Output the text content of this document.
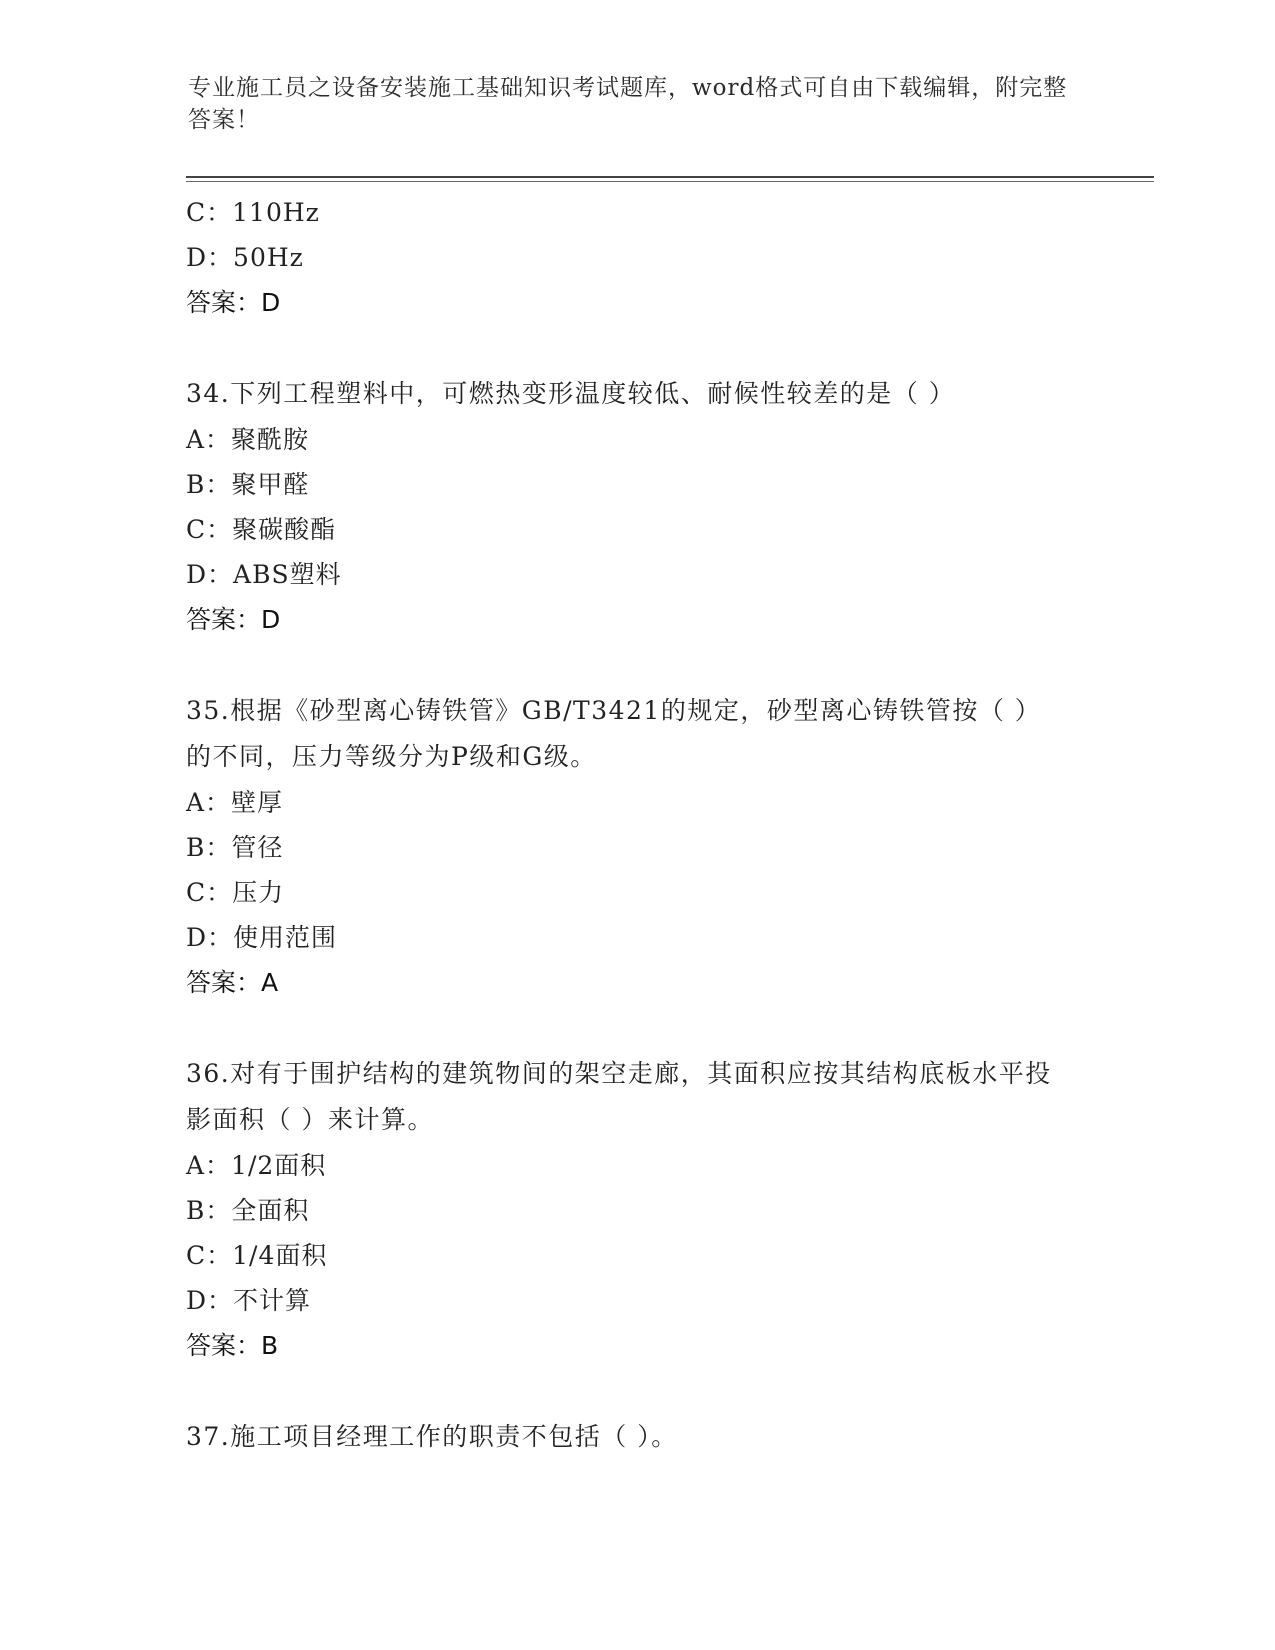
专业施工员之设备安装施工基础知识考试题库，word格式可自由下载编辑，附完整答案！
C：110Hz
D：50Hz
答案：D
34.下列工程塑料中，可燃热变形温度较低、耐候性较差的是（ ）
A：聚酰胺
B：聚甲醛
C：聚碳酸酯
D：ABS塑料
答案：D
35.根据《砂型离心铸铁管》GB/T3421的规定，砂型离心铸铁管按（ ）的不同，压力等级分为P级和G级。
A：壁厚
B：管径
C：压力
D：使用范围
答案：A
36.对有于围护结构的建筑物间的架空走廊，其面积应按其结构底板水平投影面积（ ）来计算。
A：1/2面积
B：全面积
C：1/4面积
D：不计算
答案：B
37.施工项目经理工作的职责不包括（ ）。
